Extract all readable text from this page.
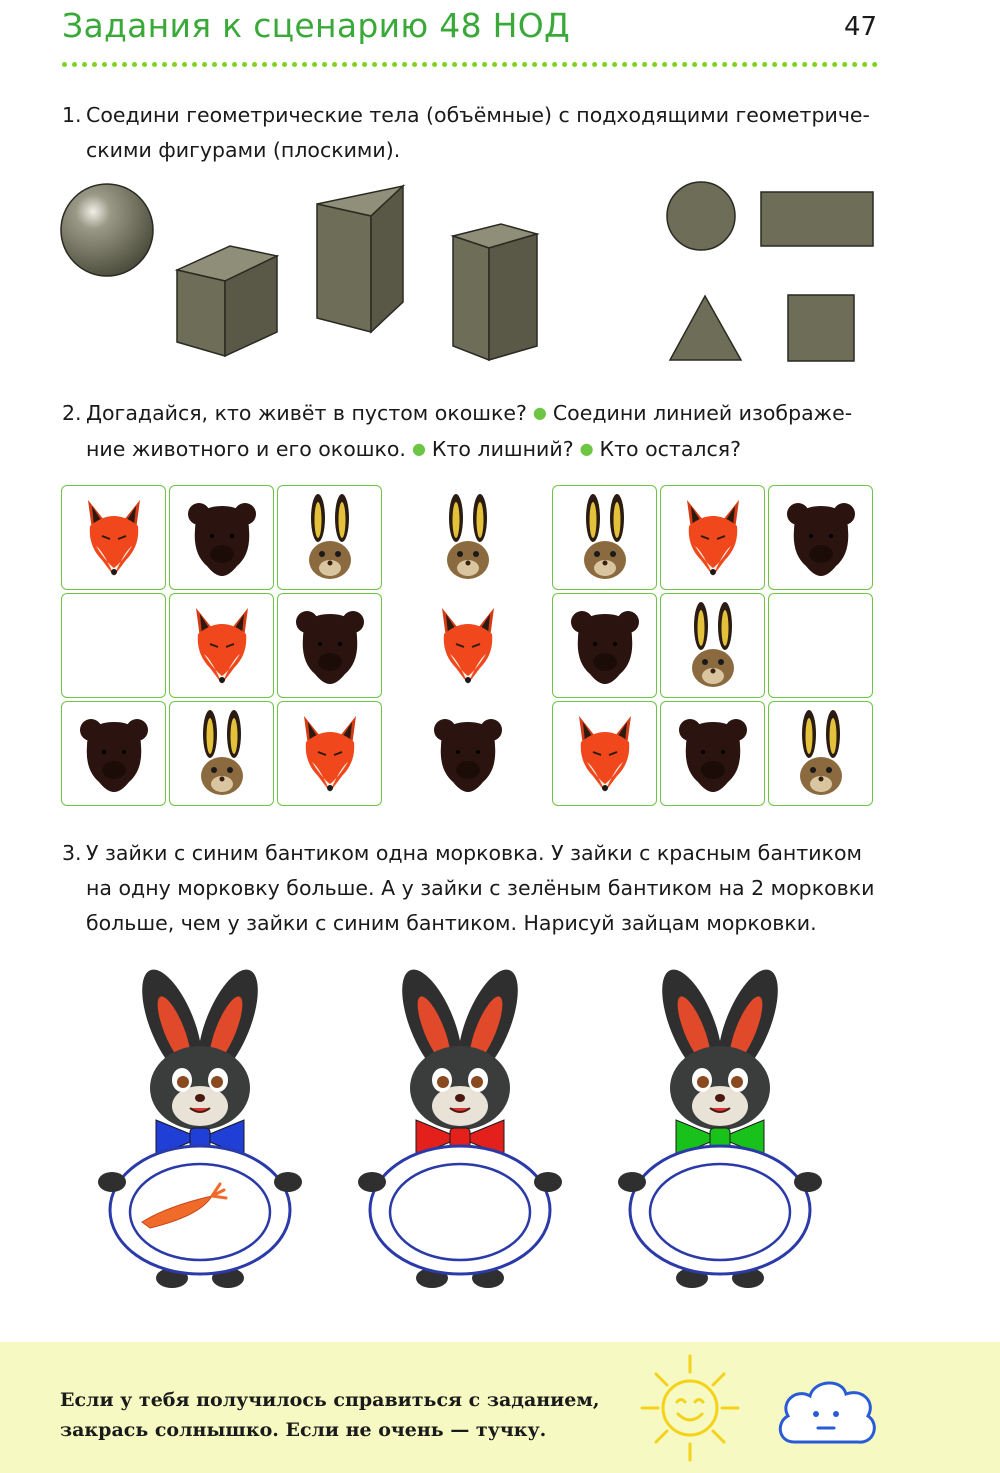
Задания к сценарию 48 НОД	47
1. Соедини геометрические тела (объёмные) с подходящими геометриче-
скими фигурами (плоскими).
2. Догадайся, кто живёт в пустом окошке? ● Соедини линией изображе-
ние животного и его окошко. ● Кто лишний? ● Кто остался?
3. У зайки с синим бантиком одна морковка. У зайки с красным бантиком
на одну морковку больше. А у зайки с зелёным бантиком на 2 морковки
больше, чем у зайки с синим бантиком. Нарисуй зайцам морковки.
Если у тебя получилось справиться с заданием,
закрась солнышко. Если не очень — тучку.
